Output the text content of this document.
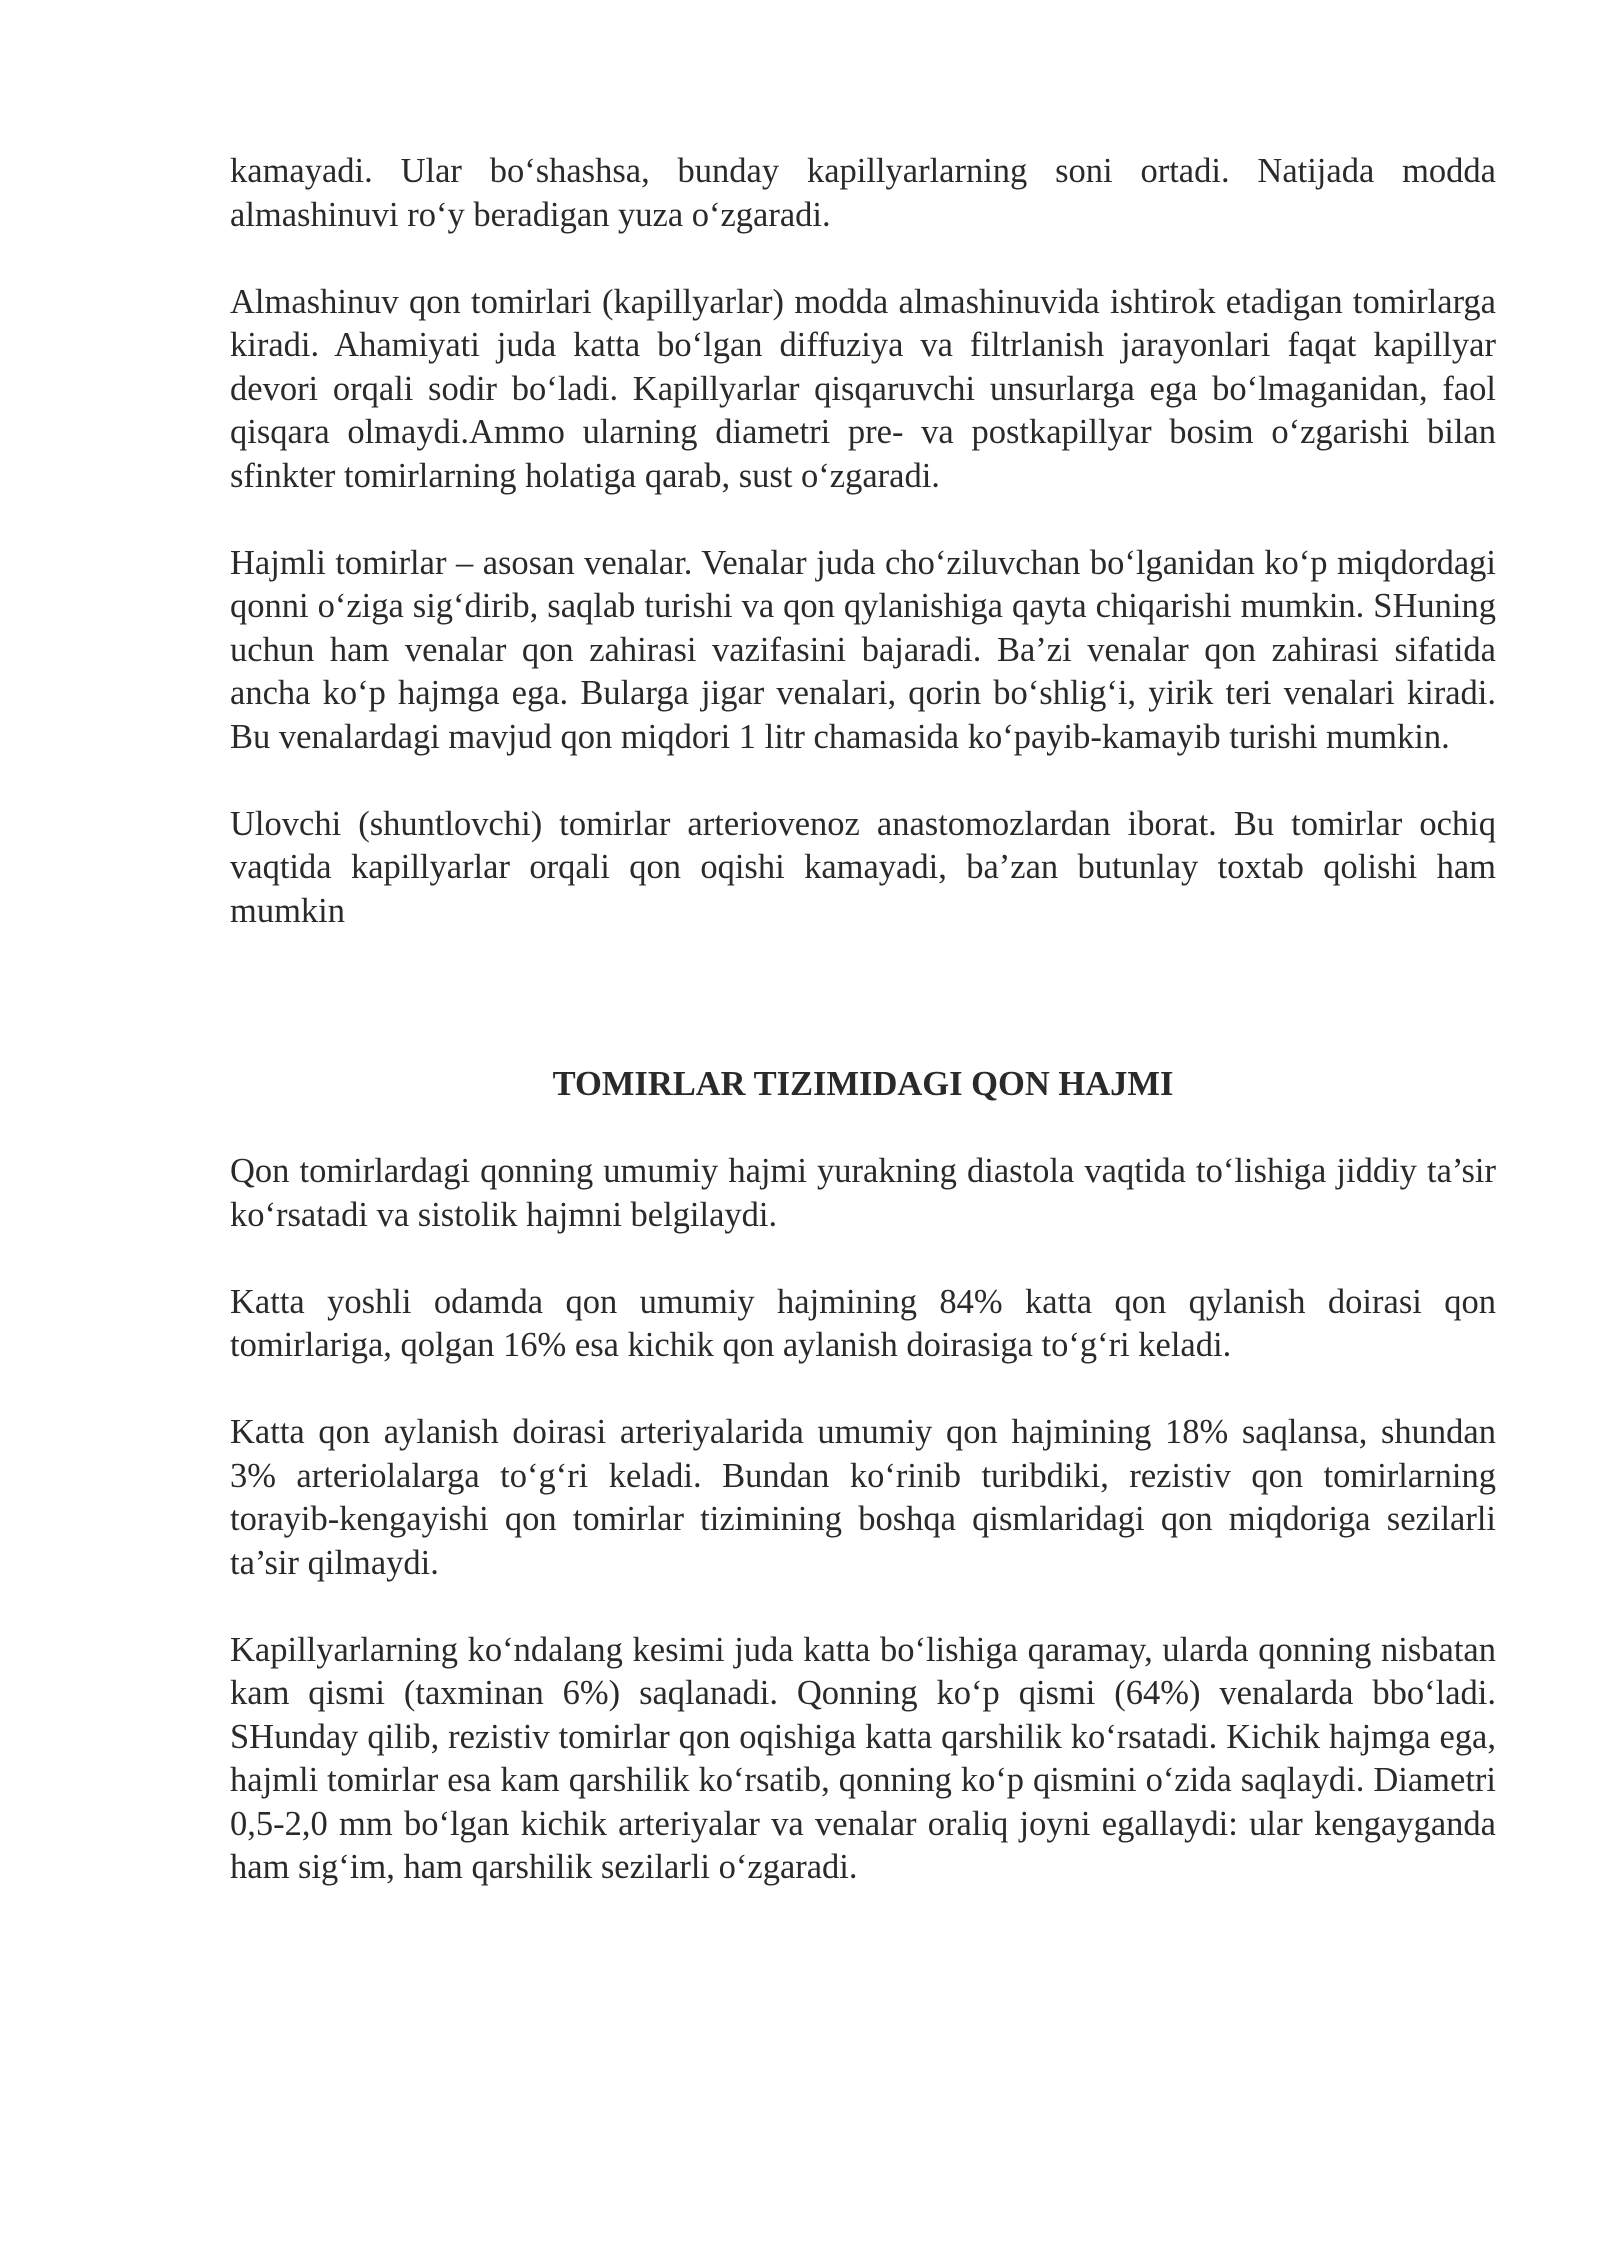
kamayadi. Ular bo‘shashsa, bunday kapillyarlarning soni ortadi. Natijada modda almashinuvi ro‘y beradigan yuza o‘zgaradi.

Almashinuv qon tomirlari (kapillyarlar) modda almashinuvida ishtirok etadigan tomirlarga kiradi. Ahamiyati juda katta bo‘lgan diffuziya va filtrlanish jarayonlari faqat kapillyar devori orqali sodir bo‘ladi. Kapillyarlar qisqaruvchi unsurlarga ega bo‘lmaganidan, faol qisqara olmaydi.Ammo ularning diametri pre- va postkapillyar bosim o‘zgarishi bilan sfinkter tomirlarning holatiga qarab, sust o‘zgaradi.

Hajmli tomirlar – asosan venalar. Venalar juda cho‘ziluvchan bo‘lganidan ko‘p miqdordagi qonni o‘ziga sig‘dirib, saqlab turishi va qon qylanishiga qayta chiqarishi mumkin. SHuning uchun ham venalar qon zahirasi vazifasini bajaradi. Ba’zi venalar qon zahirasi sifatida ancha ko‘p hajmga ega. Bularga jigar venalari, qorin bo‘shlig‘i, yirik teri venalari kiradi. Bu venalardagi mavjud qon miqdori 1 litr chamasida ko‘payib-kamayib turishi mumkin.

Ulovchi (shuntlovchi) tomirlar arteriovenoz anastomozlardan iborat. Bu tomirlar ochiq vaqtida kapillyarlar orqali qon oqishi kamayadi, ba’zan butunlay toxtab qolishi ham mumkin

TOMIRLAR TIZIMIDAGI QON HAJMI

Qon tomirlardagi qonning umumiy hajmi yurakning diastola vaqtida to‘lishiga jiddiy ta’sir ko‘rsatadi va sistolik hajmni belgilaydi.

Katta yoshli odamda qon umumiy hajmining 84% katta qon qylanish doirasi qon tomirlariga, qolgan 16% esa kichik qon aylanish doirasiga to‘g‘ri keladi.

Katta qon aylanish doirasi arteriyalarida umumiy qon hajmining 18% saqlansa, shundan 3% arteriolalarga to‘g‘ri keladi. Bundan ko‘rinib turibdiki, rezistiv qon tomirlarning torayib-kengayishi qon tomirlar tizimining boshqa qismlaridagi qon miqdoriga sezilarli ta’sir qilmaydi.

Kapillyarlarning ko‘ndalang kesimi juda katta bo‘lishiga qaramay, ularda qonning nisbatan kam qismi (taxminan 6%) saqlanadi. Qonning ko‘p qismi (64%) venalarda bbo‘ladi. SHunday qilib, rezistiv tomirlar qon oqishiga katta qarshilik ko‘rsatadi. Kichik hajmga ega, hajmli tomirlar esa kam qarshilik ko‘rsatib, qonning ko‘p qismini o‘zida saqlaydi. Diametri 0,5-2,0 mm bo‘lgan kichik arteriyalar va venalar oraliq joyni egallaydi: ular kengayganda ham sig‘im, ham qarshilik sezilarli o‘zgaradi.
